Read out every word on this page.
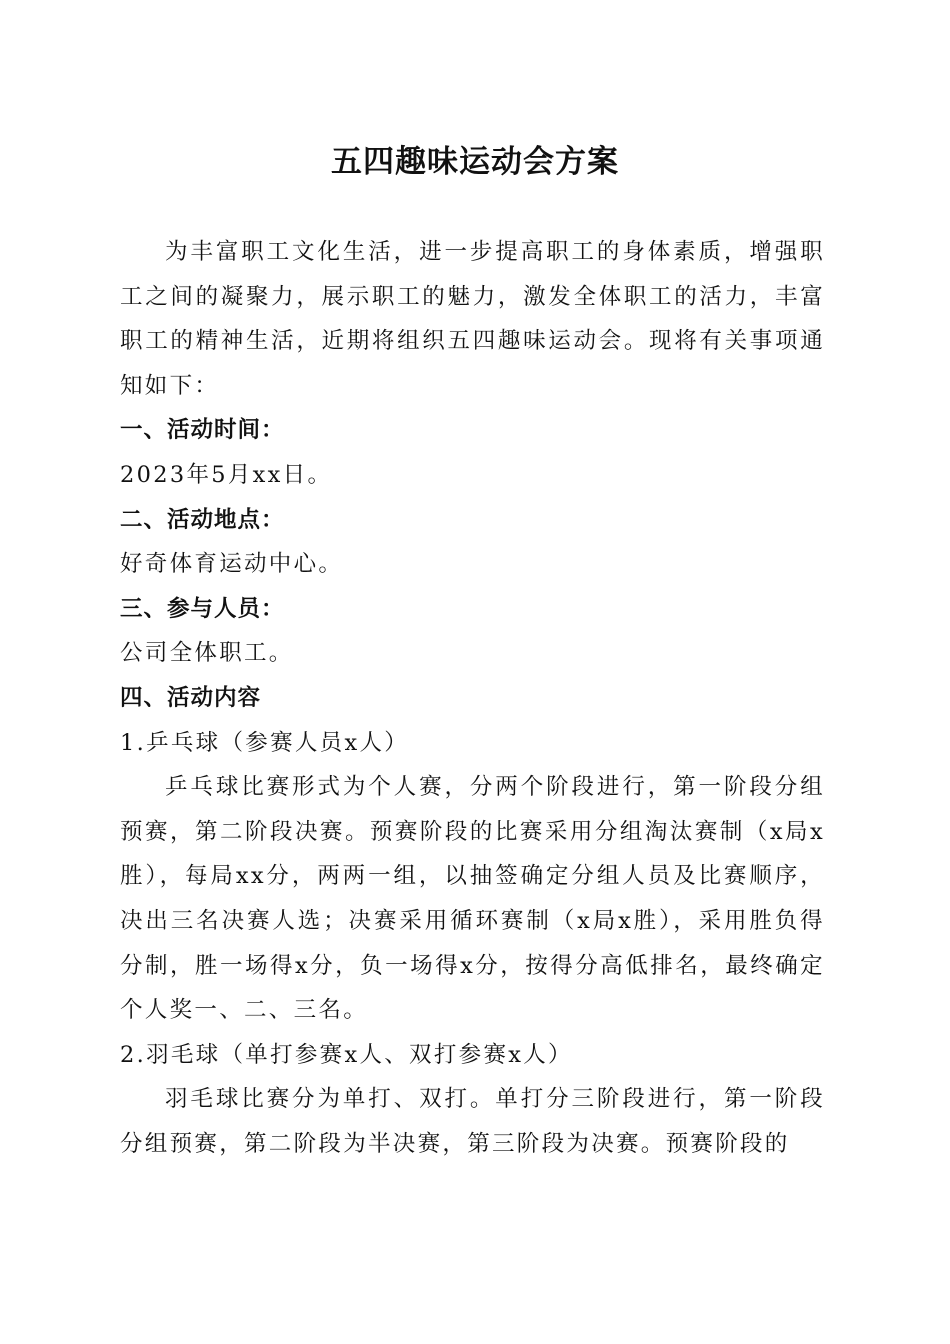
五四趣味运动会方案

为丰富职工文化生活，进一步提高职工的身体素质，增强职工之间的凝聚力，展示职工的魅力，激发全体职工的活力，丰富职工的精神生活，近期将组织五四趣味运动会。现将有关事项通知如下：

一、活动时间：

2023年5月xx日。

二、活动地点：

好奇体育运动中心。

三、参与人员：

公司全体职工。

四、活动内容

1.乒乓球（参赛人员x人）

乒乓球比赛形式为个人赛，分两个阶段进行，第一阶段分组预赛，第二阶段决赛。预赛阶段的比赛采用分组淘汰赛制（x局x胜），每局xx分，两两一组，以抽签确定分组人员及比赛顺序，决出三名决赛人选；决赛采用循环赛制（x局x胜），采用胜负得分制，胜一场得x分，负一场得x分，按得分高低排名，最终确定个人奖一、二、三名。

2.羽毛球（单打参赛x人、双打参赛x人）

羽毛球比赛分为单打、双打。单打分三阶段进行，第一阶段分组预赛，第二阶段为半决赛，第三阶段为决赛。预赛阶段的
